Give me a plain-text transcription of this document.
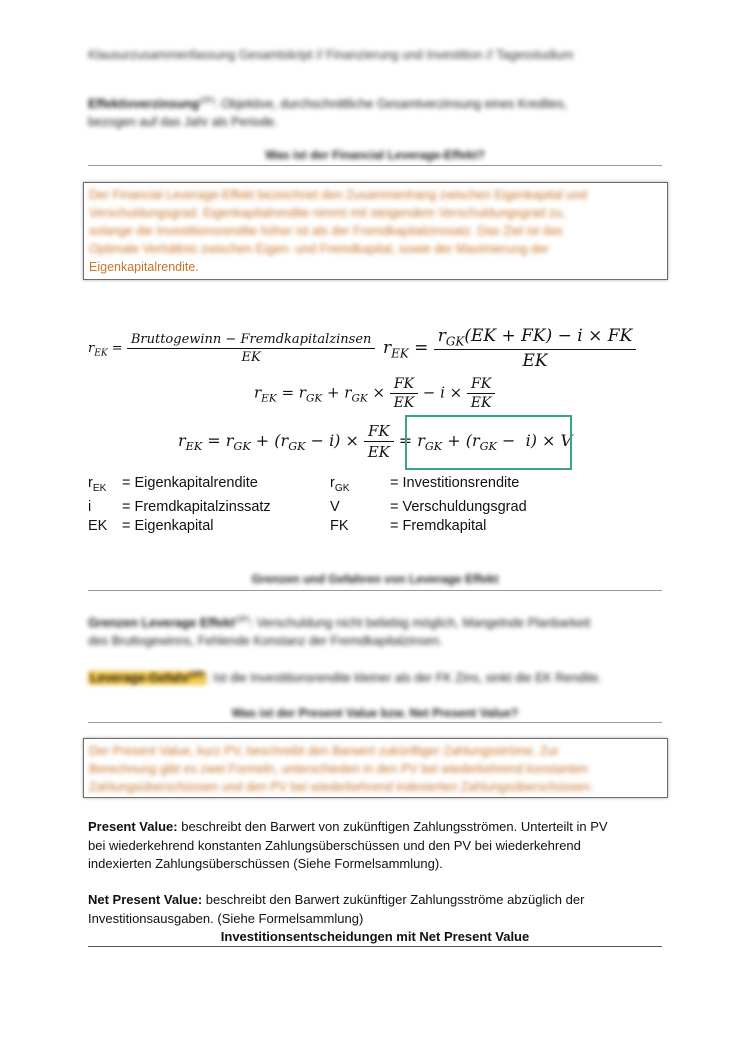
Klausurzusammenfassung Gesamtskript // Finanzierung und Investition // Tagesstudium
Effektivverzinsung$^{(2P)}$: Objektive, durchschnittliche Gesamtverzinsung eines Kredites,
bezogen auf das Jahr als Periode.
Was ist der Financial Leverage-Effekt?
Der Financial Leverage-Effekt bezeichnet den Zusammenhang zwischen Eigenkapital und
Verschuldungsgrad. Eigenkapitalrendite nimmt mit steigendem Verschuldungsgrad zu,
solange die Investitionsrendite höher ist als der Fremdkapitalzinssatz. Das Ziel ist das
Optimale Verhältnis zwischen Eigen- und Fremdkapital, sowie der Maximierung der
Eigenkapitalrendite.
$r_{EK} = \frac{\text{Bruttogewinn − Fremdkapitalzinsen}}{EK} r_{EK} = \frac{r_{GK}(EK + FK) - i \times FK}{EK}$
$r_{EK} = r_{GK} + r_{GK} \times \frac{FK}{EK} - i \times \frac{FK}{EK}$
$r_{EK} = r_{GK} + (r_{GK} - i) \times \frac{FK}{EK} = r_{GK} + (r_{GK} - i) \times V$
$r_{EK}$	= Eigenkapitalrendite	$r_{GK}$	= Investitionsrendite
i	= Fremdkapitalzinssatz	V	= Verschuldungsgrad
EK	= Eigenkapital	FK	= Fremdkapital
Grenzen und Gefahren von Leverage Effekt
Grenzen Leverage Effekt$^{(2P)}$: Verschuldung nicht beliebig möglich, Mangelnde Planbarkeit
des Bruttogewinns, Fehlende Konstanz der Fremdkapitalzinsen.
Leverage-Gefahr$^{(2P)}$ : Ist die Investitionsrendite kleiner als der FK Zins, sinkt die EK Rendite.
Was ist der Present Value bzw. Net Present Value?
Der Present Value, kurz PV, beschreibt den Barwert zukünftiger Zahlungsströme. Zur
Berechnung gibt es zwei Formeln, unterschieden in den PV bei wiederkehrend konstanten
Zahlungsüberschüssen und den PV bei wiederkehrend indexierten Zahlungsüberschüssen.
Present Value: beschreibt den Barwert von zukünftigen Zahlungsströmen. Unterteilt in PV
bei wiederkehrend konstanten Zahlungsüberschüssen und den PV bei wiederkehrend
indexierten Zahlungsüberschüssen (Siehe Formelsammlung).
Net Present Value: beschreibt den Barwert zukünftiger Zahlungsströme abzüglich der
Investitionsausgaben. (Siehe Formelsammlung)
Investitionsentscheidungen mit Net Present Value
